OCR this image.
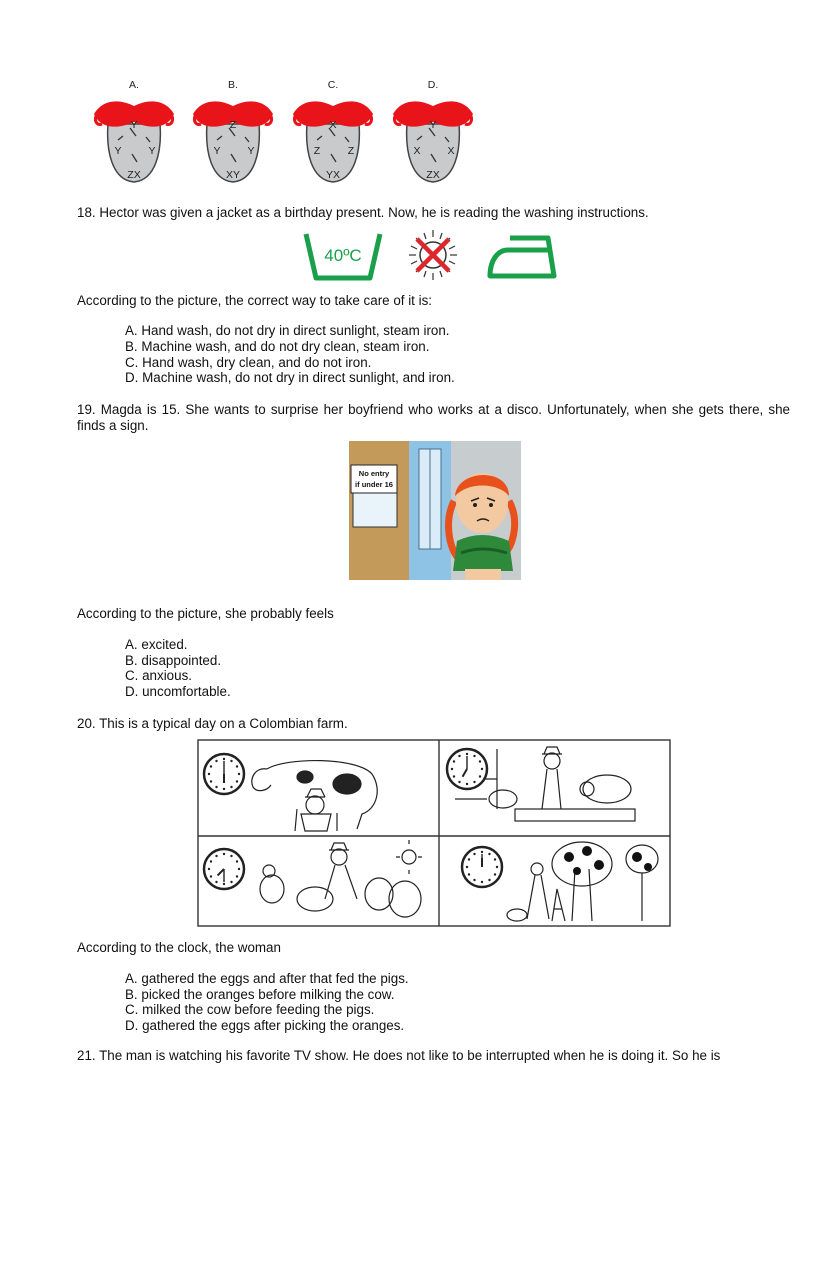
A.
Y
Y	Y
ZX
B.
Z
Y	Y
XY
C.
X
Z	Z
YX
D.
Y
X	X
ZX
18. Hector was given a jacket as a birthday present. Now, he is reading the washing instructions.
40ºC
According to the picture, the correct way to take care of it is:
A. Hand wash, do not dry in direct sunlight, steam iron.
B. Machine wash, and do not dry clean, steam iron.
C. Hand wash, dry clean, and do not iron.
D. Machine wash, do not dry in direct sunlight, and iron.
19. Magda is 15. She wants to surprise her boyfriend who works at a disco. Unfortunately, when she gets there, she
finds a sign.
No entry
if under 16
According to the picture, she probably feels
A. excited.
B. disappointed.
C. anxious.
D. uncomfortable.
20. This is a typical day on a Colombian farm.
According to the clock, the woman
A. gathered the eggs and after that fed the pigs.
B. picked the oranges before milking the cow.
C. milked the cow before feeding the pigs.
D. gathered the eggs after picking the oranges.
21. The man is watching his favorite TV show. He does not like to be interrupted when he is doing it. So he is
